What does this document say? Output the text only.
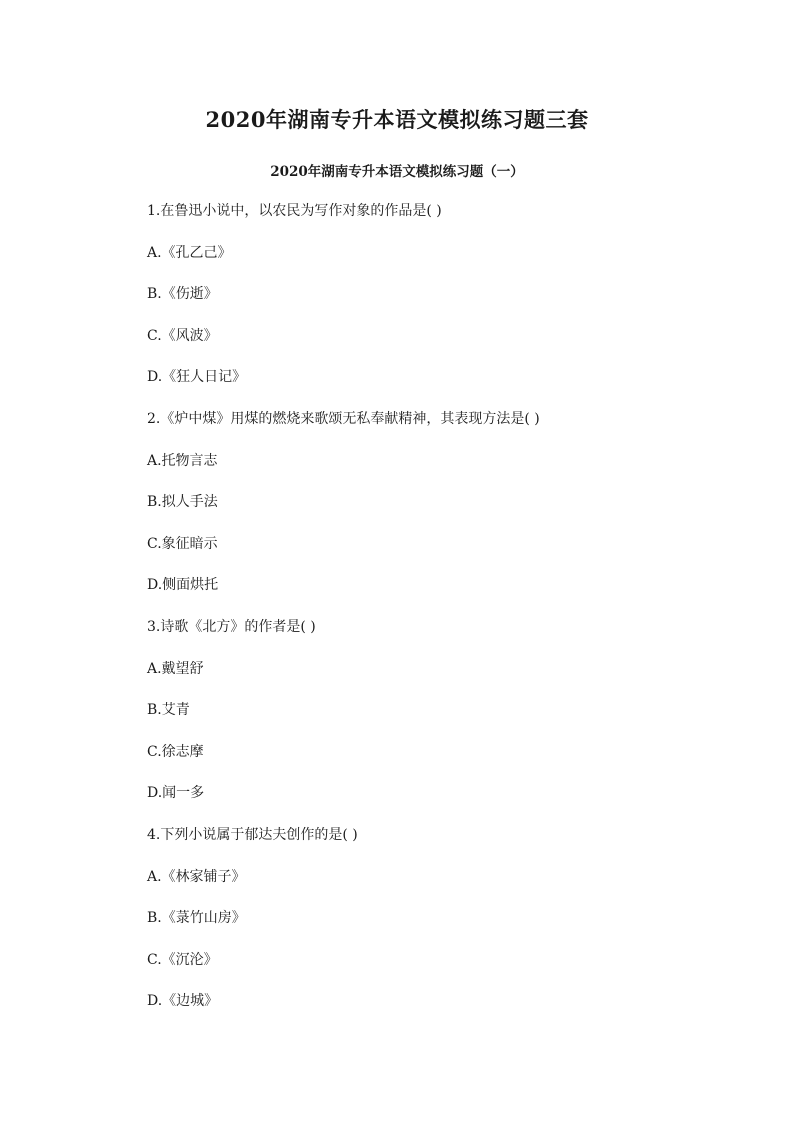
2020年湖南专升本语文模拟练习题三套
2020年湖南专升本语文模拟练习题（一）
1.在鲁迅小说中，以农民为写作对象的作品是( )
A.《孔乙己》
B.《伤逝》
C.《风波》
D.《狂人日记》
2.《炉中煤》用煤的燃烧来歌颂无私奉献精神，其表现方法是( )
A.托物言志
B.拟人手法
C.象征暗示
D.侧面烘托
3.诗歌《北方》的作者是( )
A.戴望舒
B.艾青
C.徐志摩
D.闻一多
4.下列小说属于郁达夫创作的是( )
A.《林家铺子》
B.《菉竹山房》
C.《沉沦》
D.《边城》
